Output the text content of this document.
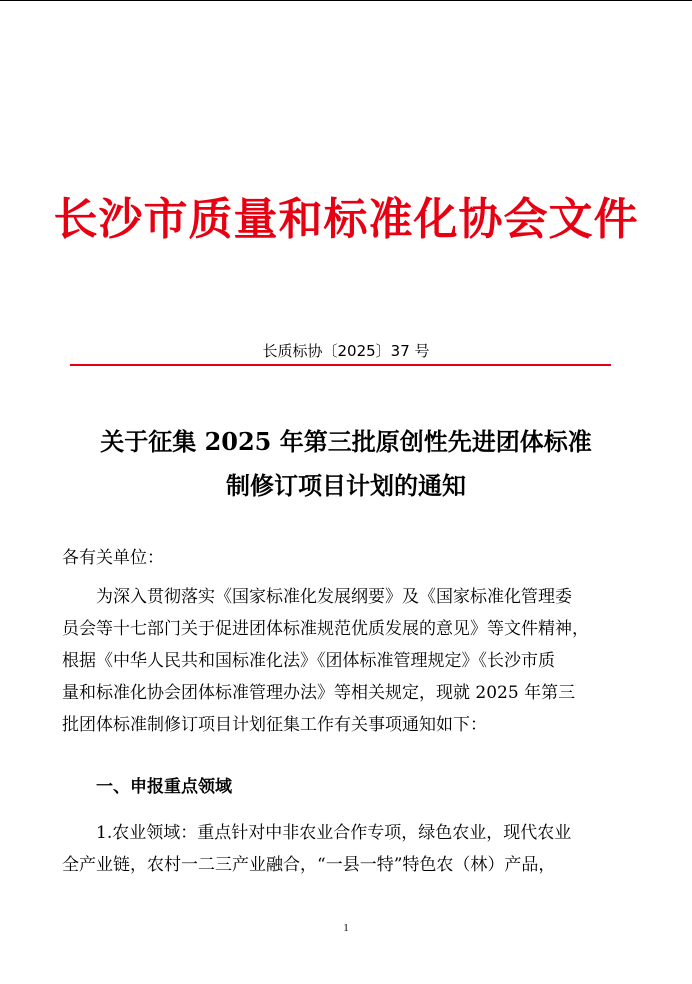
长沙市质量和标准化协会文件
长质标协〔2025〕37 号
关于征集 2025 年第三批原创性先进团体标准
制修订项目计划的通知
各有关单位：
为深入贯彻落实《国家标准化发展纲要》及《国家标准化管理委
员会等十七部门关于促进团体标准规范优质发展的意见》等文件精神，
根据《中华人民共和国标准化法》《团体标准管理规定》《长沙市质
量和标准化协会团体标准管理办法》等相关规定，现就 2025 年第三
批团体标准制修订项目计划征集工作有关事项通知如下：
一、申报重点领域
1.农业领域：重点针对中非农业合作专项，绿色农业，现代农业
全产业链，农村一二三产业融合，“一县一特”特色农（林）产品，
1
